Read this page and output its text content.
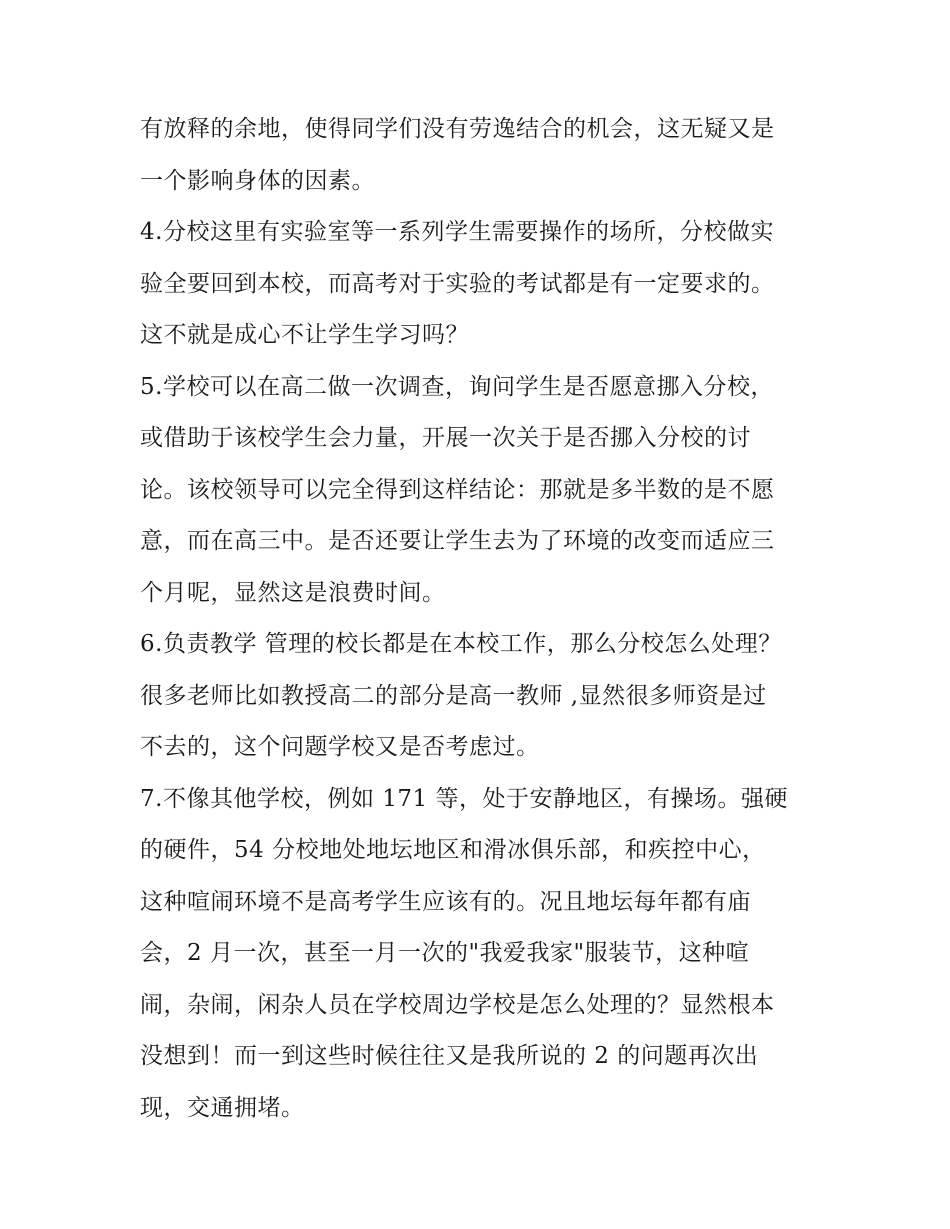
有放释的余地，使得同学们没有劳逸结合的机会，这无疑又是
一个影响身体的因素。
4.分校这里有实验室等一系列学生需要操作的场所，分校做实
验全要回到本校，而高考对于实验的考试都是有一定要求的。
这不就是成心不让学生学习吗？
5.学校可以在高二做一次调查，询问学生是否愿意挪入分校，
或借助于该校学生会力量，开展一次关于是否挪入分校的讨
论。该校领导可以完全得到这样结论：那就是多半数的是不愿
意，而在高三中。是否还要让学生去为了环境的改变而适应三
个月呢，显然这是浪费时间。
6.负责教学 管理的校长都是在本校工作，那么分校怎么处理？
很多老师比如教授高二的部分是高一教师 ,显然很多师资是过
不去的，这个问题学校又是否考虑过。
7.不像其他学校，例如 171 等，处于安静地区，有操场。强硬
的硬件，54 分校地处地坛地区和滑冰俱乐部，和疾控中心，
这种喧闹环境不是高考学生应该有的。况且地坛每年都有庙
会，2 月一次，甚至一月一次的"我爱我家"服装节，这种喧
闹，杂闹，闲杂人员在学校周边学校是怎么处理的？显然根本
没想到！而一到这些时候往往又是我所说的 2 的问题再次出
现，交通拥堵。
